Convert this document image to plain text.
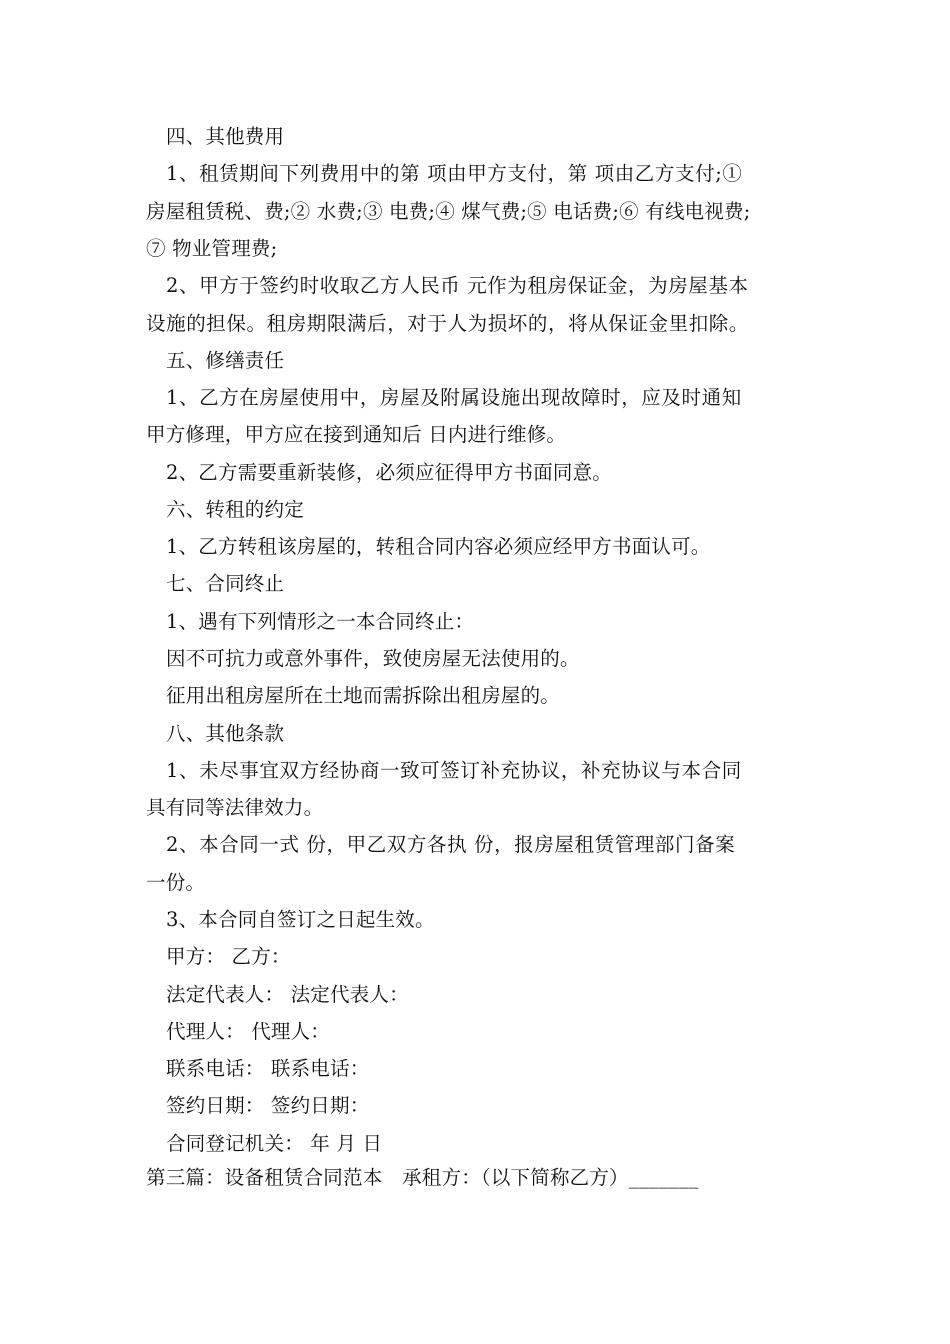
四、其他费用
1、租赁期间下列费用中的第 项由甲方支付，第 项由乙方支付;①
房屋租赁税、费;② 水费;③ 电费;④ 煤气费;⑤ 电话费;⑥ 有线电视费;
⑦ 物业管理费;
2、甲方于签约时收取乙方人民币 元作为租房保证金，为房屋基本
设施的担保。租房期限满后，对于人为损坏的，将从保证金里扣除。
五、修缮责任
1、乙方在房屋使用中，房屋及附属设施出现故障时，应及时通知
甲方修理，甲方应在接到通知后 日内进行维修。
2、乙方需要重新装修，必须应征得甲方书面同意。
六、转租的约定
1、乙方转租该房屋的，转租合同内容必须应经甲方书面认可。
七、合同终止
1、遇有下列情形之一本合同终止：
因不可抗力或意外事件，致使房屋无法使用的。
征用出租房屋所在土地而需拆除出租房屋的。
八、其他条款
1、未尽事宜双方经协商一致可签订补充协议，补充协议与本合同
具有同等法律效力。
2、本合同一式 份，甲乙双方各执 份，报房屋租赁管理部门备案
一份。
3、本合同自签订之日起生效。
甲方： 乙方：
法定代表人： 法定代表人：
代理人： 代理人：
联系电话： 联系电话：
签约日期： 签约日期：
合同登记机关： 年 月 日
第三篇：设备租赁合同范本　承租方：（以下简称乙方）_______
